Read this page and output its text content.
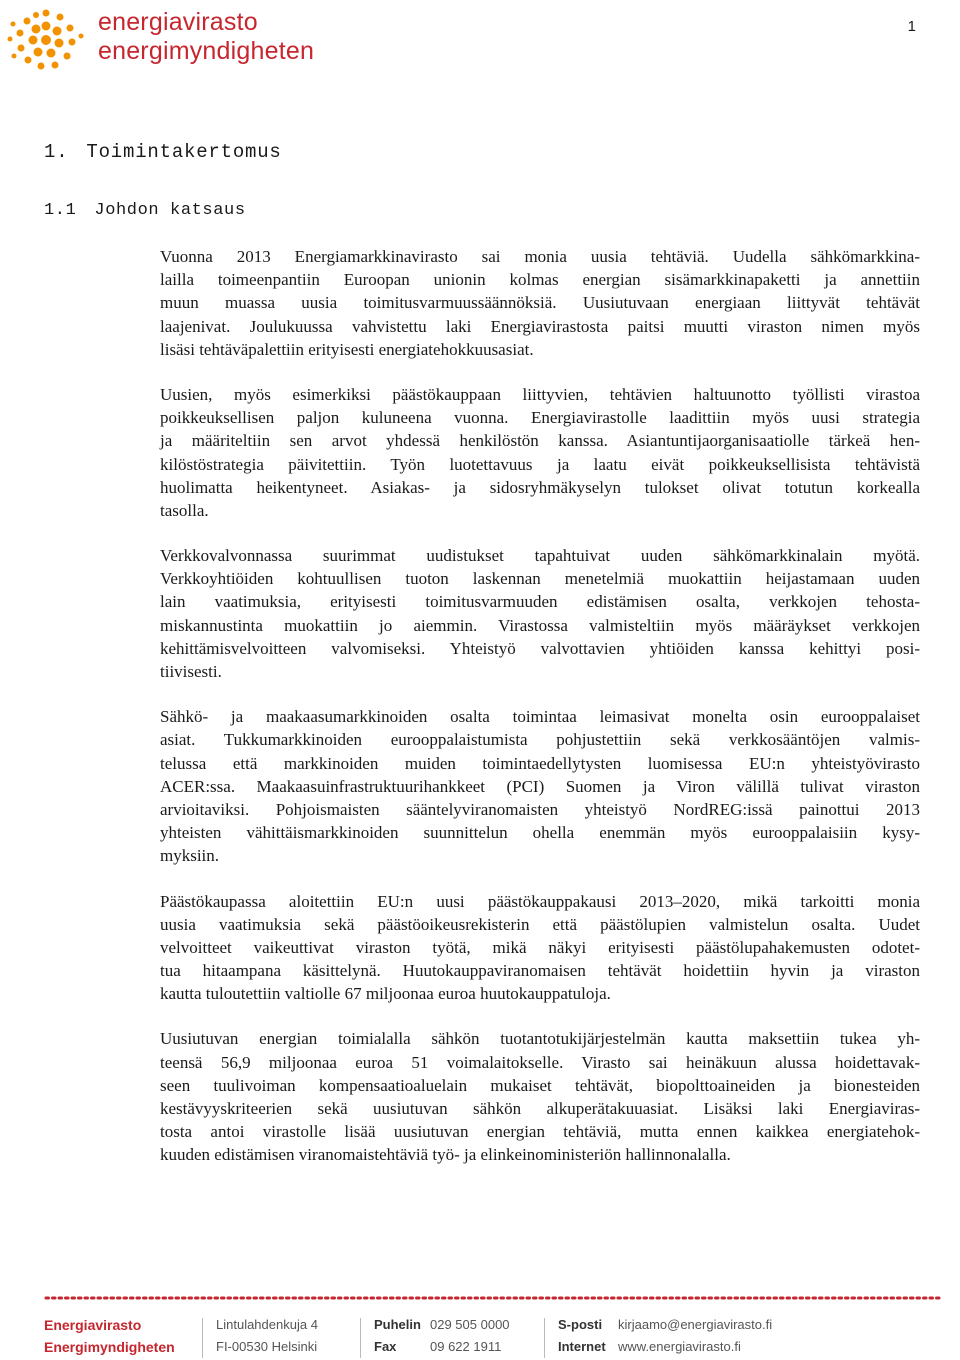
energiavirasto
energimyndigheten
1
1. Toimintakertomus
1.1 Johdon katsaus

Vuonna 2013 Energiamarkkinavirasto sai monia uusia tehtäviä. Uudella sähkömarkkina-
lailla toimeenpantiin Euroopan unionin kolmas energian sisämarkkinapaketti ja annettiin
muun muassa uusia toimitusvarmuussäännöksiä. Uusiutuvaan energiaan liittyvät tehtävät
laajenivat. Joulukuussa vahvistettu laki Energiavirastosta paitsi muutti viraston nimen myös
lisäsi tehtäväpalettiin erityisesti energiatehokkuusasiat.

Uusien, myös esimerkiksi päästökauppaan liittyvien, tehtävien haltuunotto työllisti virastoa
poikkeuksellisen paljon kuluneena vuonna. Energiavirastolle laadittiin myös uusi strategia
ja määriteltiin sen arvot yhdessä henkilöstön kanssa. Asiantuntijaorganisaatiolle tärkeä hen-
kilöstöstrategia päivitettiin. Työn luotettavuus ja laatu eivät poikkeuksellisista tehtävistä
huolimatta heikentyneet. Asiakas- ja sidosryhmäkyselyn tulokset olivat totutun korkealla
tasolla.

Verkkovalvonnassa suurimmat uudistukset tapahtuivat uuden sähkömarkkinalain myötä.
Verkkoyhtiöiden kohtuullisen tuoton laskennan menetelmiä muokattiin heijastamaan uuden
lain vaatimuksia, erityisesti toimitusvarmuuden edistämisen osalta, verkkojen tehosta-
miskannustinta muokattiin jo aiemmin. Virastossa valmisteltiin myös määräykset verkkojen
kehittämisvelvoitteen valvomiseksi. Yhteistyö valvottavien yhtiöiden kanssa kehittyi posi-
tiivisesti.

Sähkö- ja maakaasumarkkinoiden osalta toimintaa leimasivat monelta osin eurooppalaiset
asiat. Tukkumarkkinoiden eurooppalaistumista pohjustettiin sekä verkkosääntöjen valmis-
telussa että markkinoiden muiden toimintaedellytysten luomisessa EU:n yhteistyövirasto
ACER:ssa. Maakaasuinfrastruktuurihankkeet (PCI) Suomen ja Viron välillä tulivat viraston
arvioitaviksi. Pohjoismaisten sääntelyviranomaisten yhteistyö NordREG:issä painottui 2013
yhteisten vähittäismarkkinoiden suunnittelun ohella enemmän myös eurooppalaisiin kysy-
myksiin.

Päästökaupassa aloitettiin EU:n uusi päästökauppakausi 2013–2020, mikä tarkoitti monia
uusia vaatimuksia sekä päästöoikeusrekisterin että päästölupien valmistelun osalta. Uudet
velvoitteet vaikeuttivat viraston työtä, mikä näkyi erityisesti päästölupahakemusten odotet-
tua hitaampana käsittelynä. Huutokauppaviranomaisen tehtävät hoidettiin hyvin ja viraston
kautta tuloutettiin valtiolle 67 miljoonaa euroa huutokauppatuloja.

Uusiutuvan energian toimialalla sähkön tuotantotukijärjestelmän kautta maksettiin tukea yh-
teensä 56,9 miljoonaa euroa 51 voimalaitokselle. Virasto sai heinäkuun alussa hoidettavak-
seen tuulivoiman kompensaatioaluelain mukaiset tehtävät, biopolttoaineiden ja bionesteiden
kestävyyskriteerien sekä uusiutuvan sähkön alkuperätakuuasiat. Lisäksi laki Energiaviras-
tosta antoi virastolle lisää uusiutuvan energian tehtäviä, mutta ennen kaikkea energiatehok-
kuuden edistämisen viranomaistehtäviä työ- ja elinkeinoministeriön hallinnonalalla.

Energiavirasto
Energimyndigheten
Lintulahdenkuja 4
FI-00530 Helsinki
Puhelin
Fax
029 505 0000
09 622 1911
S-posti
Internet
kirjaamo@energiavirasto.fi
www.energiavirasto.fi
